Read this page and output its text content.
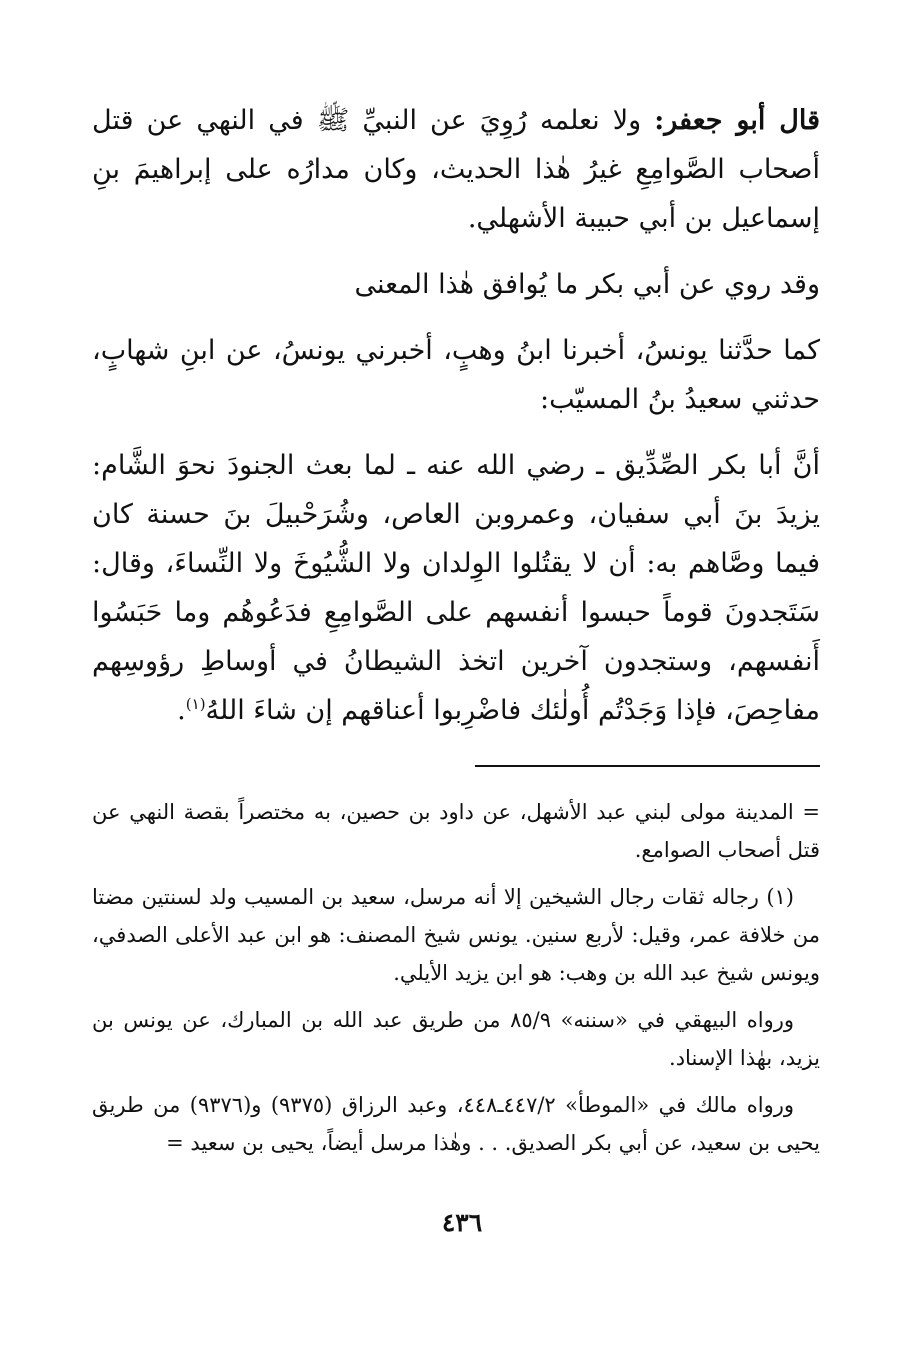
قال أبو جعفر: ولا نعلمه رُوِيَ عن النبيِّ ﷺ في النهي عن قتل أصحاب الصَّوامِعِ غيرُ هٰذا الحديث، وكان مدارُه على إبراهيمَ بنِ إسماعيل بن أبي حبيبة الأشهلي.

وقد روي عن أبي بكر ما يُوافق هٰذا المعنى

كما حدَّثنا يونسُ، أخبرنا ابنُ وهبٍ، أخبرني يونسُ، عن ابنِ شهابٍ، حدثني سعيدُ بنُ المسيّب:

أنَّ أبا بكر الصِّدِّيق ـ رضي الله عنه ـ لما بعث الجنودَ نحوَ الشَّام: يزيدَ بنَ أبي سفيان، وعمروبن العاص، وشُرَحْبيلَ بنَ حسنة كان فيما وصَّاهم به: أن لا يقتُلوا الوِلدان ولا الشُّيُوخَ ولا النِّساءَ، وقال: سَتَجدونَ قوماً حبسوا أنفسهم على الصَّوامِعِ فدَعُوهُم وما حَبَسُوا أَنفسهم، وستجدون آخرين اتخذ الشيطانُ في أوساطِ رؤوسِهم مفاحِصَ، فإذا وَجَدْتُم أُولٰئك فاضْرِبوا أعناقهم إن شاءَ اللهُ$^{(١)}$.

= المدينة مولى لبني عبد الأشهل، عن داود بن حصين، به مختصراً بقصة النهي عن قتل أصحاب الصوامع.

(١) رجاله ثقات رجال الشيخين إلا أنه مرسل، سعيد بن المسيب ولد لسنتين مضتا من خلافة عمر، وقيل: لأربع سنين. يونس شيخ المصنف: هو ابن عبد الأعلى الصدفي، ويونس شيخ عبد الله بن وهب: هو ابن يزيد الأيلي.

ورواه البيهقي في «سننه» ٨٥/٩ من طريق عبد الله بن المبارك، عن يونس بن يزيد، بهٰذا الإسناد.

ورواه مالك في «الموطأ» ٤٤٧/٢ـ٤٤٨، وعبد الرزاق (٩٣٧٥) و(٩٣٧٦) من طريق يحيى بن سعيد، عن أبي بكر الصديق. . . وهٰذا مرسل أيضاً، يحيى بن سعيد =

٤٣٦
